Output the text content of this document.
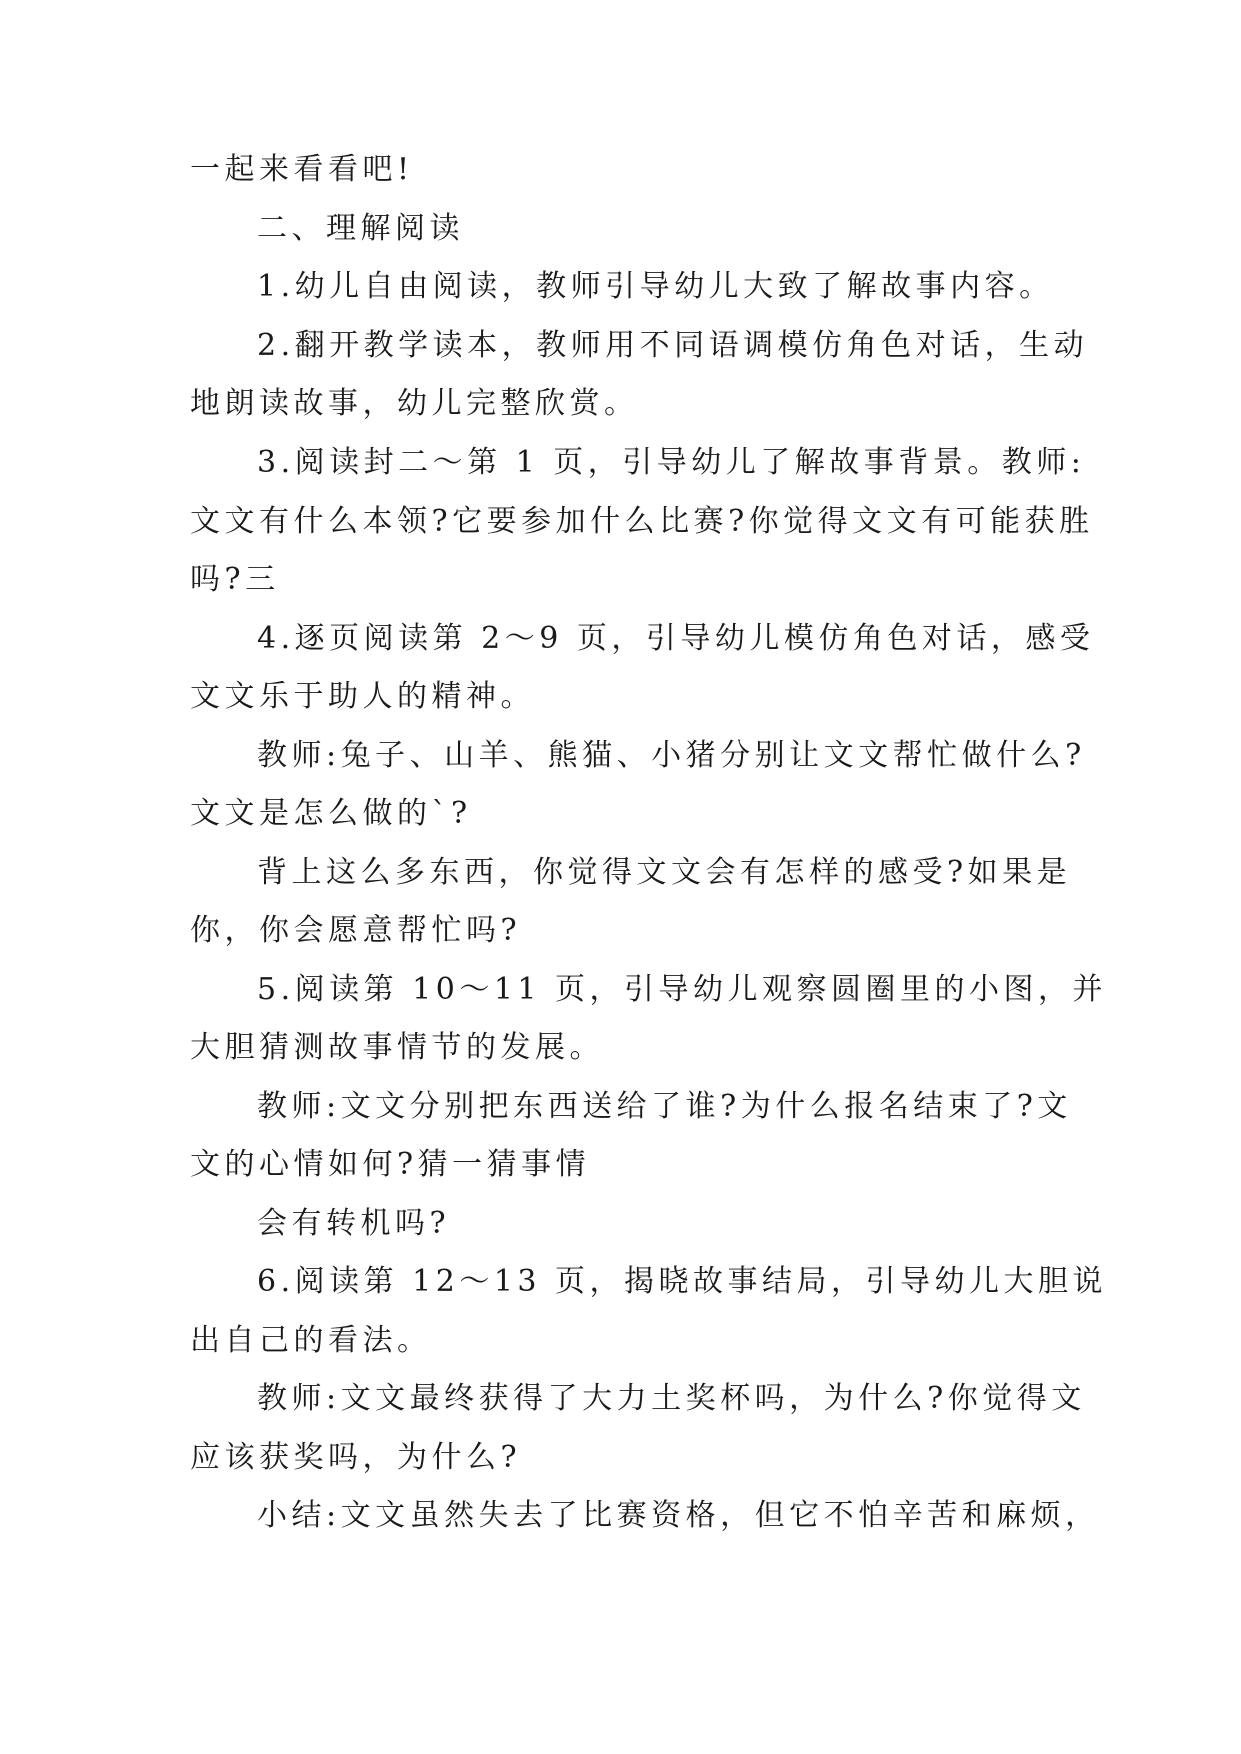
一起来看看吧!
二、理解阅读
1.幼儿自由阅读，教师引导幼儿大致了解故事内容。
2.翻开教学读本，教师用不同语调模仿角色对话，生动
地朗读故事，幼儿完整欣赏。
3.阅读封二～第 1 页，引导幼儿了解故事背景。教师:
文文有什么本领?它要参加什么比赛?你觉得文文有可能获胜
吗?三
4.逐页阅读第 2～9 页，引导幼儿模仿角色对话，感受
文文乐于助人的精神。
教师:兔子、山羊、熊猫、小猪分别让文文帮忙做什么?
文文是怎么做的`?
背上这么多东西，你觉得文文会有怎样的感受?如果是
你，你会愿意帮忙吗?
5.阅读第 10～11 页，引导幼儿观察圆圈里的小图，并
大胆猜测故事情节的发展。
教师:文文分别把东西送给了谁?为什么报名结束了?文
文的心情如何?猜一猜事情
会有转机吗?
6.阅读第 12～13 页，揭晓故事结局，引导幼儿大胆说
出自己的看法。
教师:文文最终获得了大力土奖杯吗，为什么?你觉得文
应该获奖吗，为什么?
小结:文文虽然失去了比赛资格，但它不怕辛苦和麻烦，
